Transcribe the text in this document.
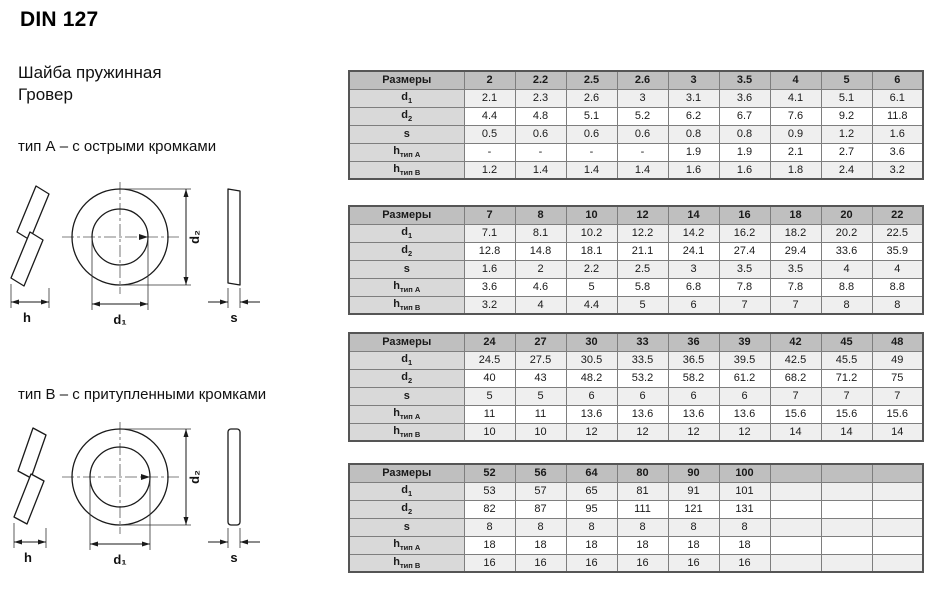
DIN 127
Шайба пружинная
Гровер
тип А – с острыми кромками
h	d₁
d₂
s
тип B – с притупленными кромками
h	d₁
d₂
s
Размеры	2	2.2	2.5	2.6	3	3.5	4	5	6
$d_1$	2.1	2.3	2.6	3	3.1	3.6	4.1	5.1	6.1
$d_2$	4.4	4.8	5.1	5.2	6.2	6.7	7.6	9.2	11.8
s	0.5	0.6	0.6	0.6	0.8	0.8	0.9	1.2	1.6
$h_{тип A}$	-	-	-	-	1.9	1.9	2.1	2.7	3.6
$h_{тип B}$	1.2	1.4	1.4	1.4	1.6	1.6	1.8	2.4	3.2
Размеры	7	8	10	12	14	16	18	20	22
$d_1$	7.1	8.1	10.2	12.2	14.2	16.2	18.2	20.2	22.5
$d_2$	12.8	14.8	18.1	21.1	24.1	27.4	29.4	33.6	35.9
s	1.6	2	2.2	2.5	3	3.5	3.5	4	4
$h_{тип A}$	3.6	4.6	5	5.8	6.8	7.8	7.8	8.8	8.8
$h_{тип B}$	3.2	4	4.4	5	6	7	7	8	8
Размеры	24	27	30	33	36	39	42	45	48
$d_1$	24.5	27.5	30.5	33.5	36.5	39.5	42.5	45.5	49
$d_2$	40	43	48.2	53.2	58.2	61.2	68.2	71.2	75
s	5	5	6	6	6	6	7	7	7
$h_{тип A}$	11	11	13.6	13.6	13.6	13.6	15.6	15.6	15.6
$h_{тип B}$	10	10	12	12	12	12	14	14	14
Размеры	52	56	64	80	90	100			
$d_1$	53	57	65	81	91	101			
$d_2$	82	87	95	111	121	131			
s	8	8	8	8	8	8			
$h_{тип A}$	18	18	18	18	18	18			
$h_{тип B}$	16	16	16	16	16	16			
